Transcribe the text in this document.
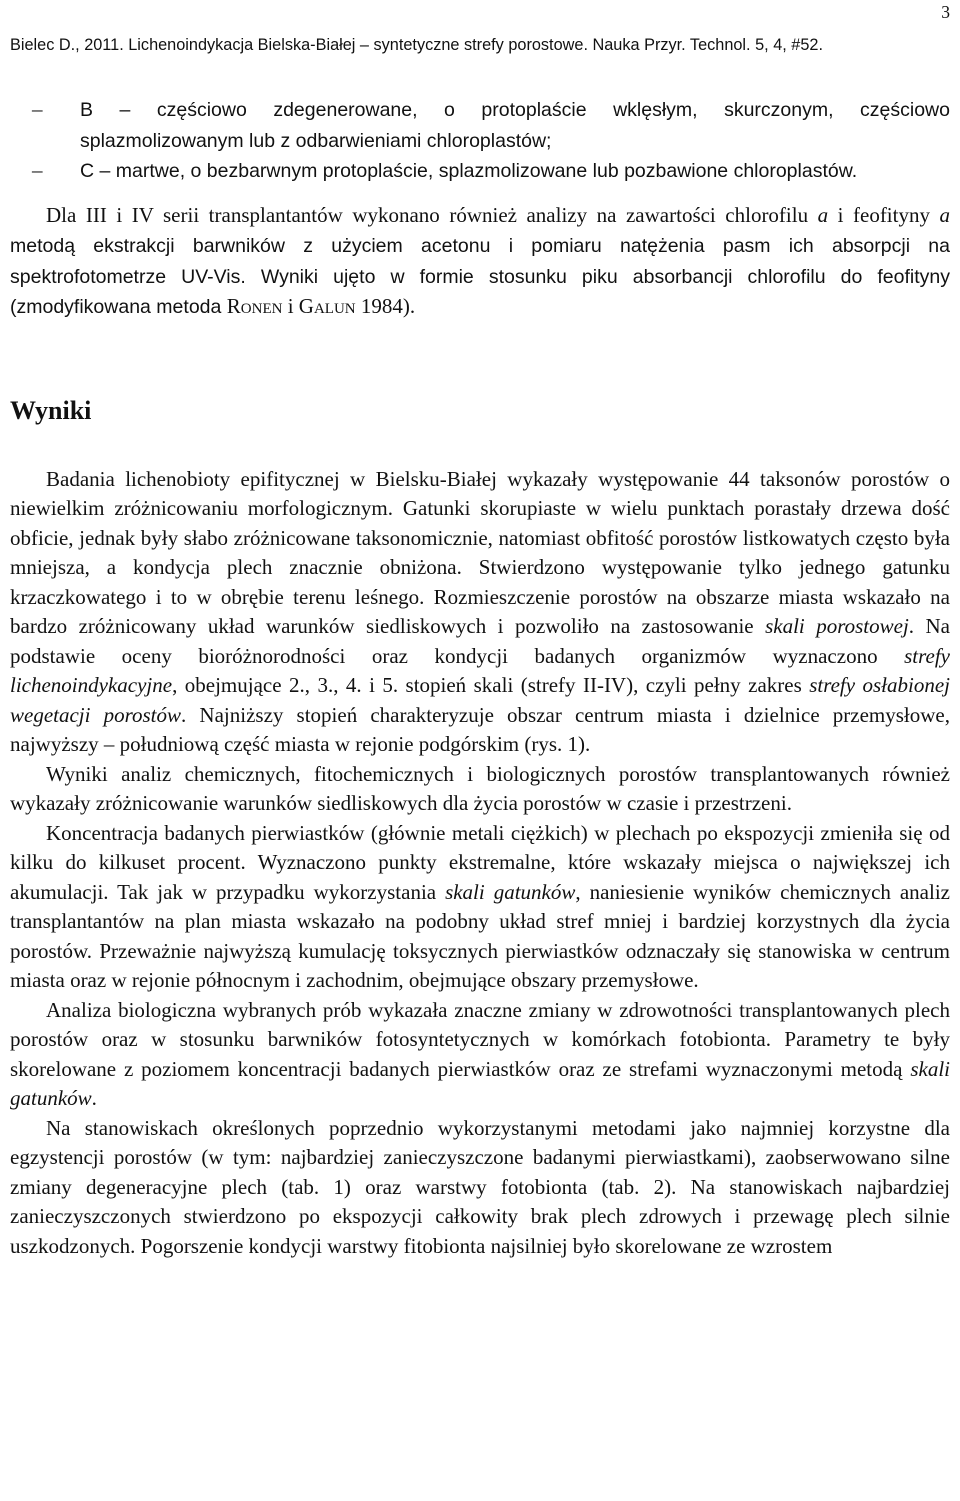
3
Bielec D., 2011. Lichenoindykacja Bielska-Białej – syntetyczne strefy porostowe. Nauka Przyr. Technol. 5, 4, #52.
– B – częściowo zdegenerowane, o protoplaście wklęsłym, skurczonym, częściowo splazmolizowanym lub z odbarwieniami chloroplastów;
– C – martwe, o bezbarwnym protoplaście, splazmolizowane lub pozbawione chloroplastów.

Dla III i IV serii transplantantów wykonano również analizy na zawartości chlorofilu a i feofityny a metodą ekstrakcji barwników z użyciem acetonu i pomiaru natężenia pasm ich absorpcji na spektrofotometrze UV-Vis. Wyniki ujęto w formie stosunku piku absorbancji chlorofilu do feofityny (zmodyfikowana metoda Ronen i Galun 1984).

Wyniki

Badania lichenobioty epifitycznej w Bielsku-Białej wykazały występowanie 44 taksonów porostów o niewielkim zróżnicowaniu morfologicznym. Gatunki skorupiaste w wielu punktach porastały drzewa dość obficie, jednak były słabo zróżnicowane taksonomicznie, natomiast obfitość porostów listkowatych często była mniejsza, a kondycja plech znacznie obniżona. Stwierdzono występowanie tylko jednego gatunku krzaczkowatego i to w obrębie terenu leśnego. Rozmieszczenie porostów na obszarze miasta wskazało na bardzo zróżnicowany układ warunków siedliskowych i pozwoliło na zastosowanie skali porostowej. Na podstawie oceny bioróżnorodności oraz kondycji badanych organizmów wyznaczono strefy lichenoindykacyjne, obejmujące 2., 3., 4. i 5. stopień skali (strefy II-IV), czyli pełny zakres strefy osłabionej wegetacji porostów. Najniższy stopień charakteryzuje obszar centrum miasta i dzielnice przemysłowe, najwyższy – południową część miasta w rejonie podgórskim (rys. 1).

Wyniki analiz chemicznych, fitochemicznych i biologicznych porostów transplantowanych również wykazały zróżnicowanie warunków siedliskowych dla życia porostów w czasie i przestrzeni.

Koncentracja badanych pierwiastków (głównie metali ciężkich) w plechach po ekspozycji zmieniła się od kilku do kilkuset procent. Wyznaczono punkty ekstremalne, które wskazały miejsca o największej ich akumulacji. Tak jak w przypadku wykorzystania skali gatunków, naniesienie wyników chemicznych analiz transplantantów na plan miasta wskazało na podobny układ stref mniej i bardziej korzystnych dla życia porostów. Przeważnie najwyższą kumulację toksycznych pierwiastków odznaczały się stanowiska w centrum miasta oraz w rejonie północnym i zachodnim, obejmujące obszary przemysłowe.

Analiza biologiczna wybranych prób wykazała znaczne zmiany w zdrowotności transplantowanych plech porostów oraz w stosunku barwników fotosyntetycznych w komórkach fotobionta. Parametry te były skorelowane z poziomem koncentracji badanych pierwiastków oraz ze strefami wyznaczonymi metodą skali gatunków.

Na stanowiskach określonych poprzednio wykorzystanymi metodami jako najmniej korzystne dla egzystencji porostów (w tym: najbardziej zanieczyszczone badanymi pierwiastkami), zaobserwowano silne zmiany degeneracyjne plech (tab. 1) oraz warstwy fotobionta (tab. 2). Na stanowiskach najbardziej zanieczyszczonych stwierdzono po ekspozycji całkowity brak plech zdrowych i przewagę plech silnie uszkodzonych. Pogorszenie kondycji warstwy fitobionta najsilniej było skorelowane ze wzrostem
